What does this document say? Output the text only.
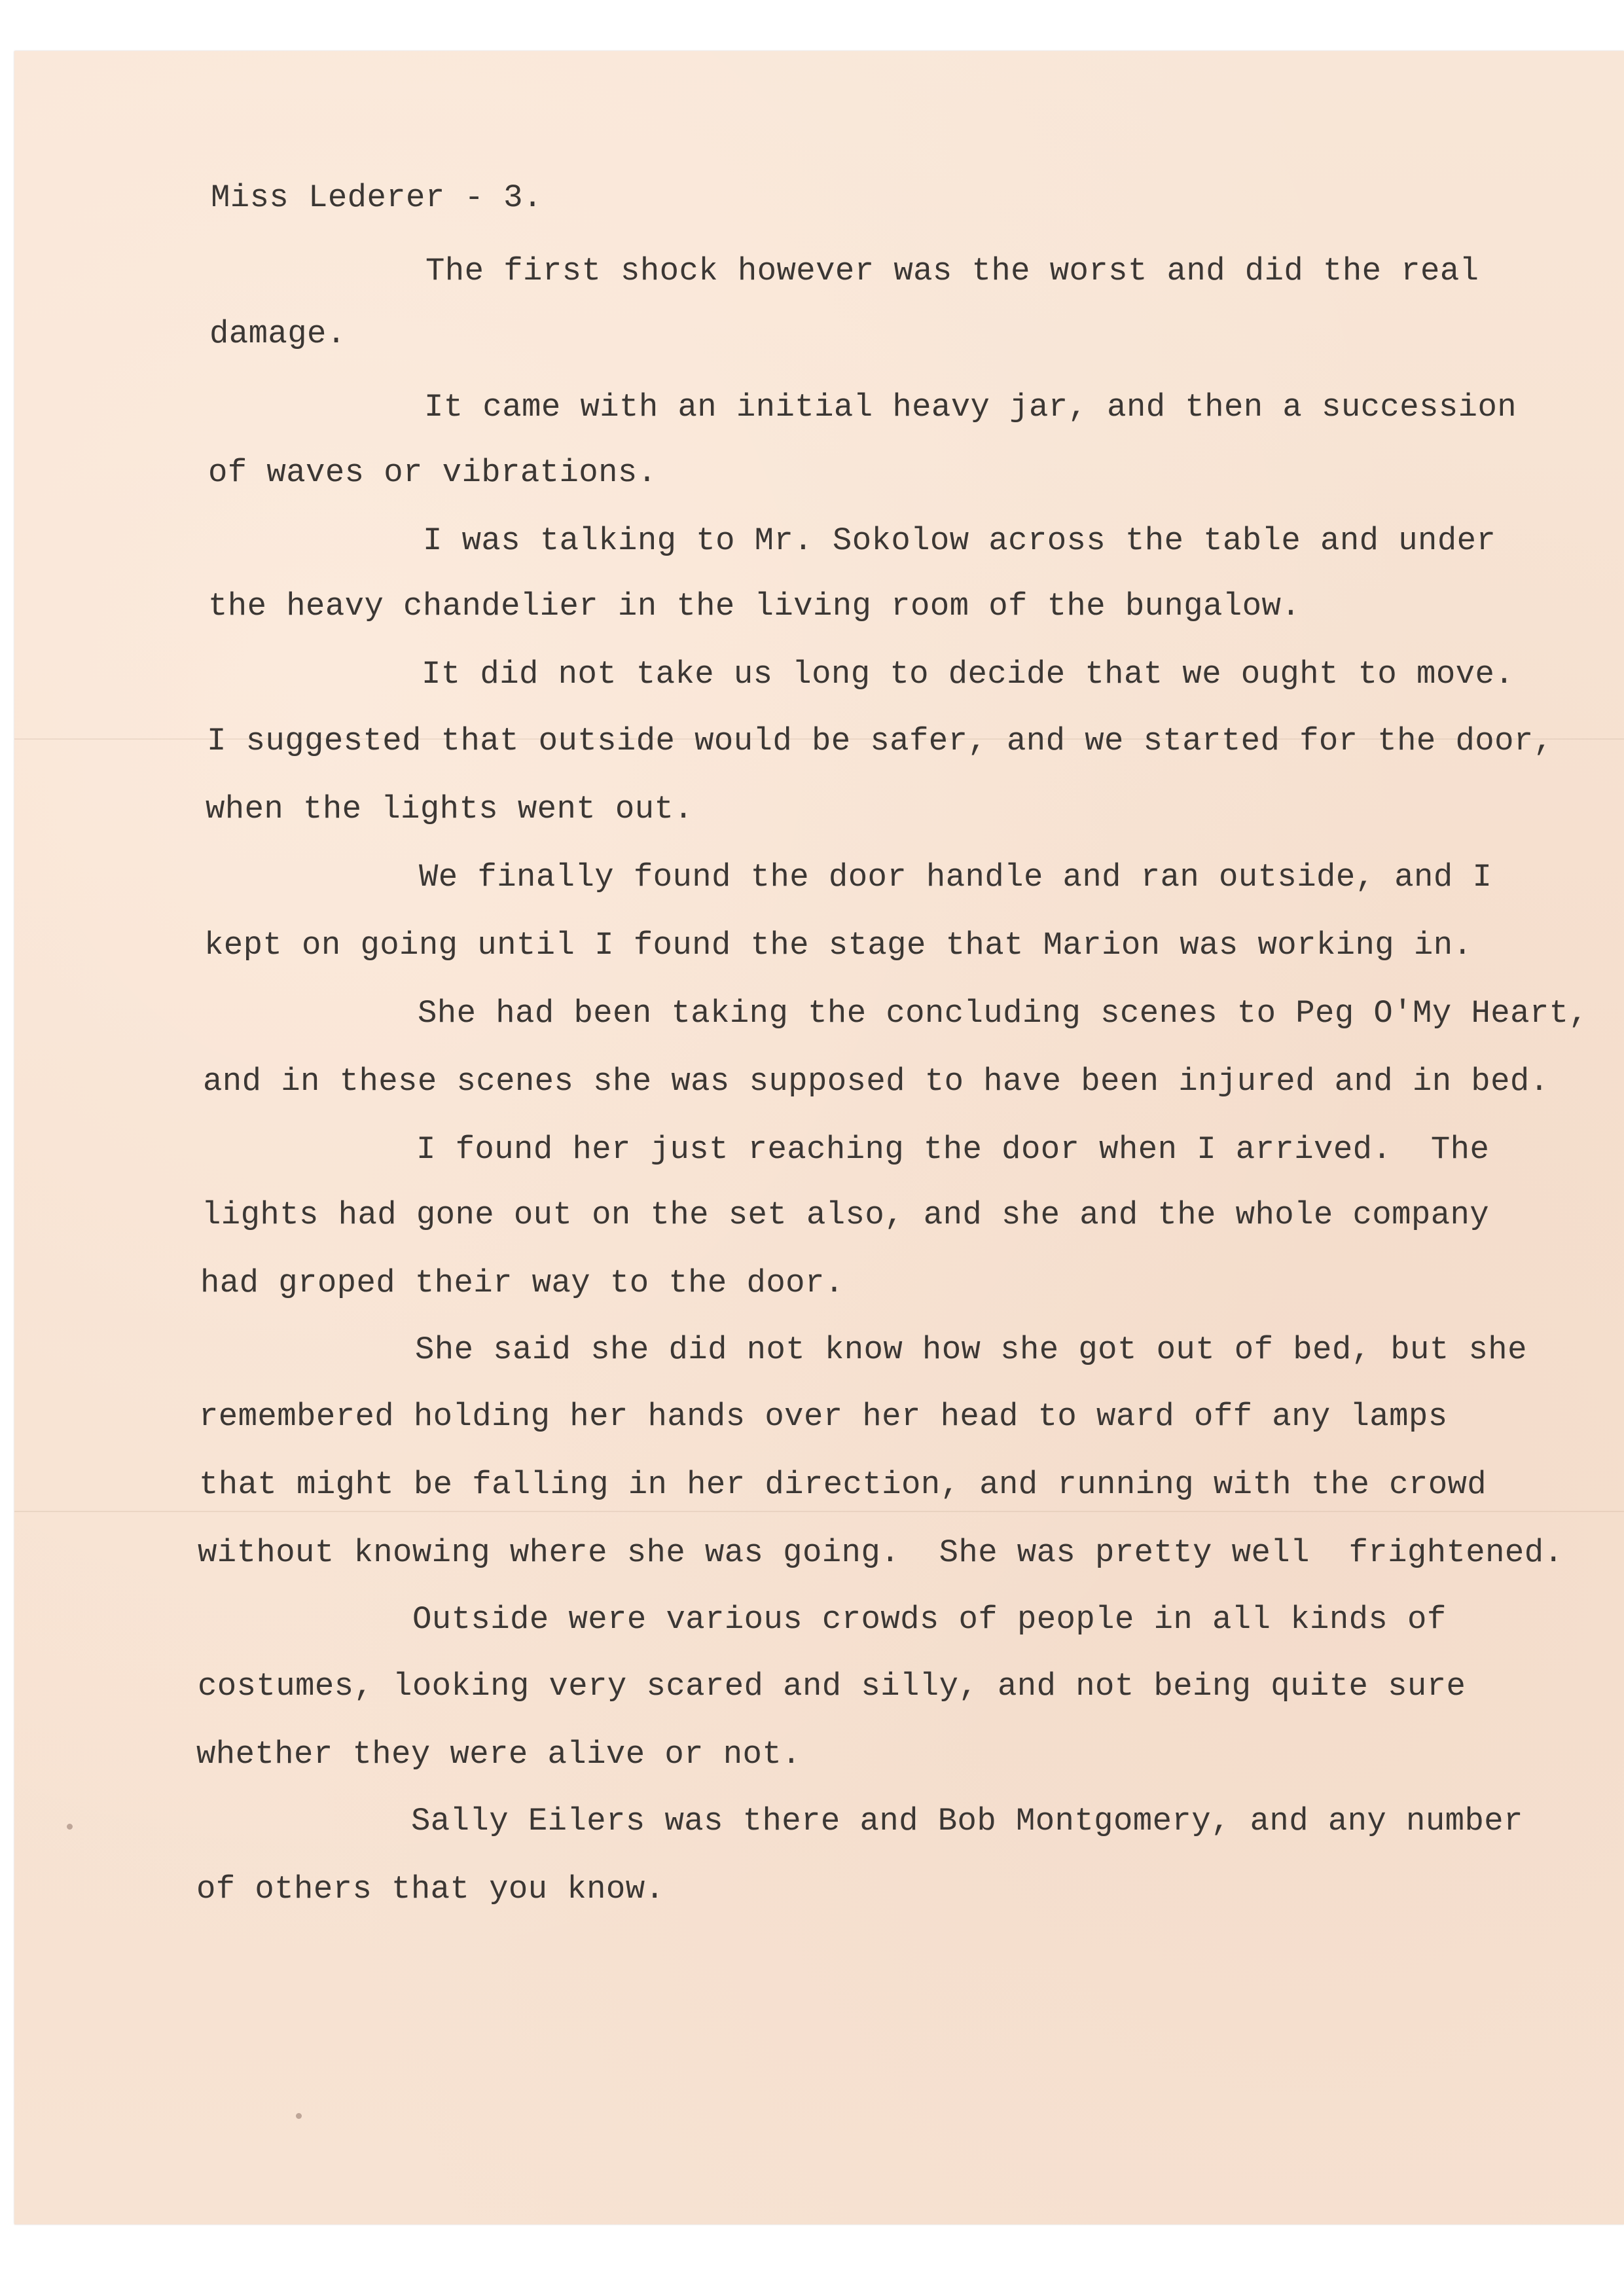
Miss Lederer - 3.
The first shock however was the worst and did the real
damage.
It came with an initial heavy jar, and then a succession
of waves or vibrations.
I was talking to Mr. Sokolow across the table and under
the heavy chandelier in the living room of the bungalow.
It did not take us long to decide that we ought to move.
I suggested that outside would be safer, and we started for the door,
when the lights went out.
We finally found the door handle and ran outside, and I
kept on going until I found the stage that Marion was working in.
She had been taking the concluding scenes to Peg O'My Heart,
and in these scenes she was supposed to have been injured and in bed.
I found her just reaching the door when I arrived.  The
lights had gone out on the set also, and she and the whole company
had groped their way to the door.
She said she did not know how she got out of bed, but she
remembered holding her hands over her head to ward off any lamps
that might be falling in her direction, and running with the crowd
without knowing where she was going.  She was pretty well  frightened.
Outside were various crowds of people in all kinds of
costumes, looking very scared and silly, and not being quite sure
whether they were alive or not.
Sally Eilers was there and Bob Montgomery, and any number
of others that you know.
